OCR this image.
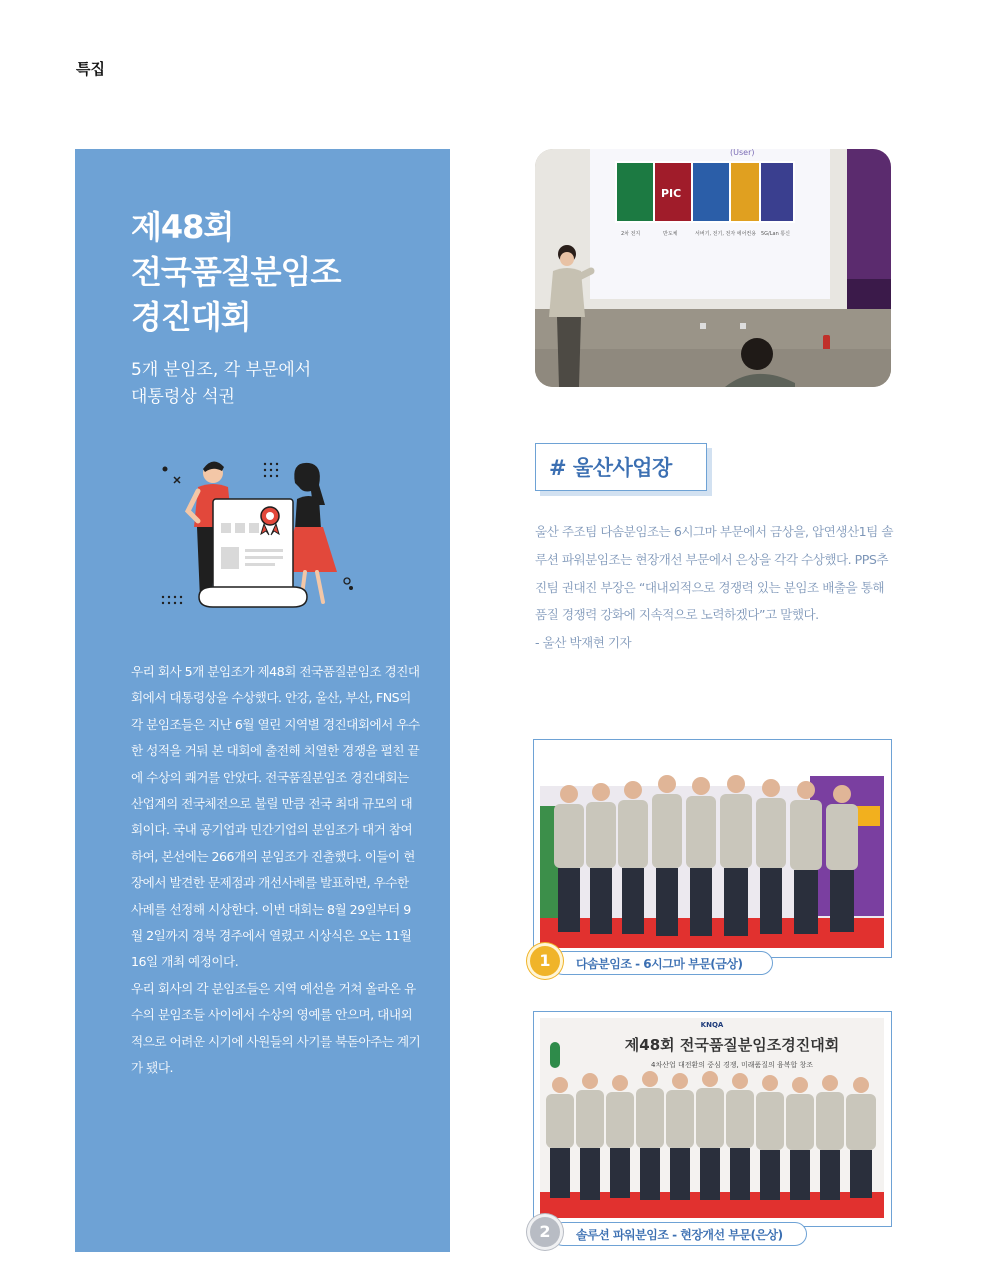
특집
제48회
전국품질분임조
경진대회
5개 분임조, 각 부문에서
대통령상 석권

우리 회사 5개 분임조가 제48회 전국품질분임조 경진대회에서 대통령상을 수상했다. 안강, 울산, 부산, FNS의 각 분임조들은 지난 6월 열린 지역별 경진대회에서 우수한 성적을 거둬 본 대회에 출전해 치열한 경쟁을 펼친 끝에 수상의 쾌거를 안았다. 전국품질분임조 경진대회는 산업계의 전국체전으로 불릴 만큼 전국 최대 규모의 대회이다. 국내 공기업과 민간기업의 분임조가 대거 참여하여, 본선에는 266개의 분임조가 진출했다. 이들이 현장에서 발견한 문제점과 개선사례를 발표하면, 우수한 사례를 선정해 시상한다. 이번 대회는 8월 29일부터 9월 2일까지 경북 경주에서 열렸고 시상식은 오는 11월 16일 개최 예정이다.

우리 회사의 각 분임조들은 지역 예선을 거쳐 올라온 유수의 분임조들 사이에서 수상의 영예를 안으며, 대내외적으로 어려운 시기에 사원들의 사기를 북돋아주는 계기가 됐다.

(User)
PIC
2차 전지	반도체	서버기, 전기, 전자 에어컨용 5G/Lan 통신
# 울산사업장

울산 주조팀 다솜분임조는 6시그마 부문에서 금상을, 압연생산1팀 솔루션 파워분임조는 현장개선 부문에서 은상을 각각 수상했다. PPS추진팀 권대진 부장은 “대내외적으로 경쟁력 있는 분임조 배출을 통해 품질 경쟁력 강화에 지속적으로 노력하겠다”고 말했다.

- 울산 박재현 기자

다솜분임조 - 6시그마 부문(금상)
1
KNQA
제48회 전국품질분임조경진대회
4차산업 대전환의 중심 경쟁, 미래품질의 융복합 창조
솔루션 파워분임조 - 현장개선 부문(은상)
2
